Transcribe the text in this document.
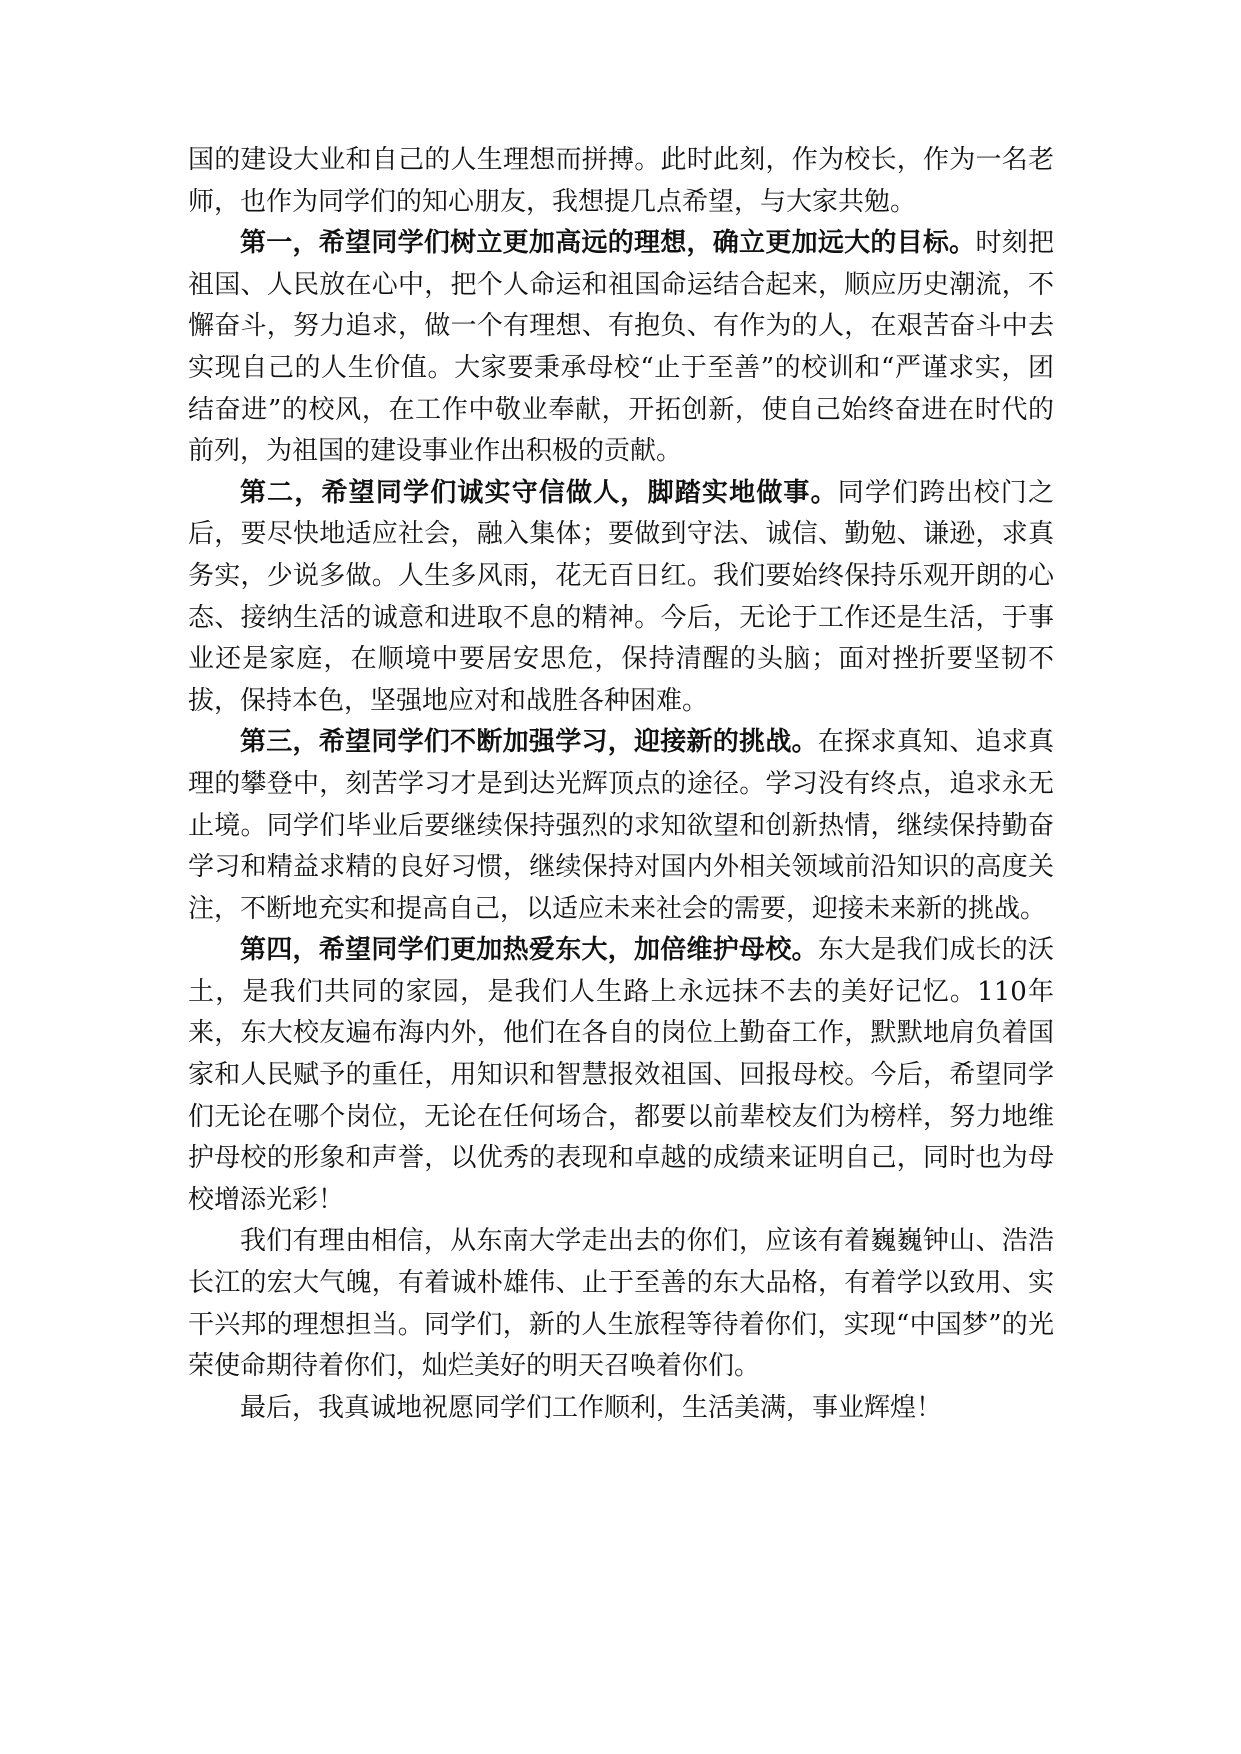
国的建设大业和自己的人生理想而拼搏。此时此刻，作为校长，作为一名老师，也作为同学们的知心朋友，我想提几点希望，与大家共勉。

第一，希望同学们树立更加高远的理想，确立更加远大的目标。时刻把祖国、人民放在心中，把个人命运和祖国命运结合起来，顺应历史潮流，不懈奋斗，努力追求，做一个有理想、有抱负、有作为的人，在艰苦奋斗中去实现自己的人生价值。大家要秉承母校“止于至善”的校训和“严谨求实，团结奋进”的校风，在工作中敬业奉献，开拓创新，使自己始终奋进在时代的前列，为祖国的建设事业作出积极的贡献。

第二，希望同学们诚实守信做人，脚踏实地做事。同学们跨出校门之后，要尽快地适应社会，融入集体；要做到守法、诚信、勤勉、谦逊，求真务实，少说多做。人生多风雨，花无百日红。我们要始终保持乐观开朗的心态、接纳生活的诚意和进取不息的精神。今后，无论于工作还是生活，于事业还是家庭，在顺境中要居安思危，保持清醒的头脑；面对挫折要坚韧不拔，保持本色，坚强地应对和战胜各种困难。

第三，希望同学们不断加强学习，迎接新的挑战。在探求真知、追求真理的攀登中，刻苦学习才是到达光辉顶点的途径。学习没有终点，追求永无止境。同学们毕业后要继续保持强烈的求知欲望和创新热情，继续保持勤奋学习和精益求精的良好习惯，继续保持对国内外相关领域前沿知识的高度关注，不断地充实和提高自己，以适应未来社会的需要，迎接未来新的挑战。

第四，希望同学们更加热爱东大，加倍维护母校。东大是我们成长的沃土，是我们共同的家园，是我们人生路上永远抹不去的美好记忆。110年来，东大校友遍布海内外，他们在各自的岗位上勤奋工作，默默地肩负着国家和人民赋予的重任，用知识和智慧报效祖国、回报母校。今后，希望同学们无论在哪个岗位，无论在任何场合，都要以前辈校友们为榜样，努力地维护母校的形象和声誉，以优秀的表现和卓越的成绩来证明自己，同时也为母校增添光彩！

我们有理由相信，从东南大学走出去的你们，应该有着巍巍钟山、浩浩长江的宏大气魄，有着诚朴雄伟、止于至善的东大品格，有着学以致用、实干兴邦的理想担当。同学们，新的人生旅程等待着你们，实现“中国梦”的光荣使命期待着你们，灿烂美好的明天召唤着你们。

最后，我真诚地祝愿同学们工作顺利，生活美满，事业辉煌！
